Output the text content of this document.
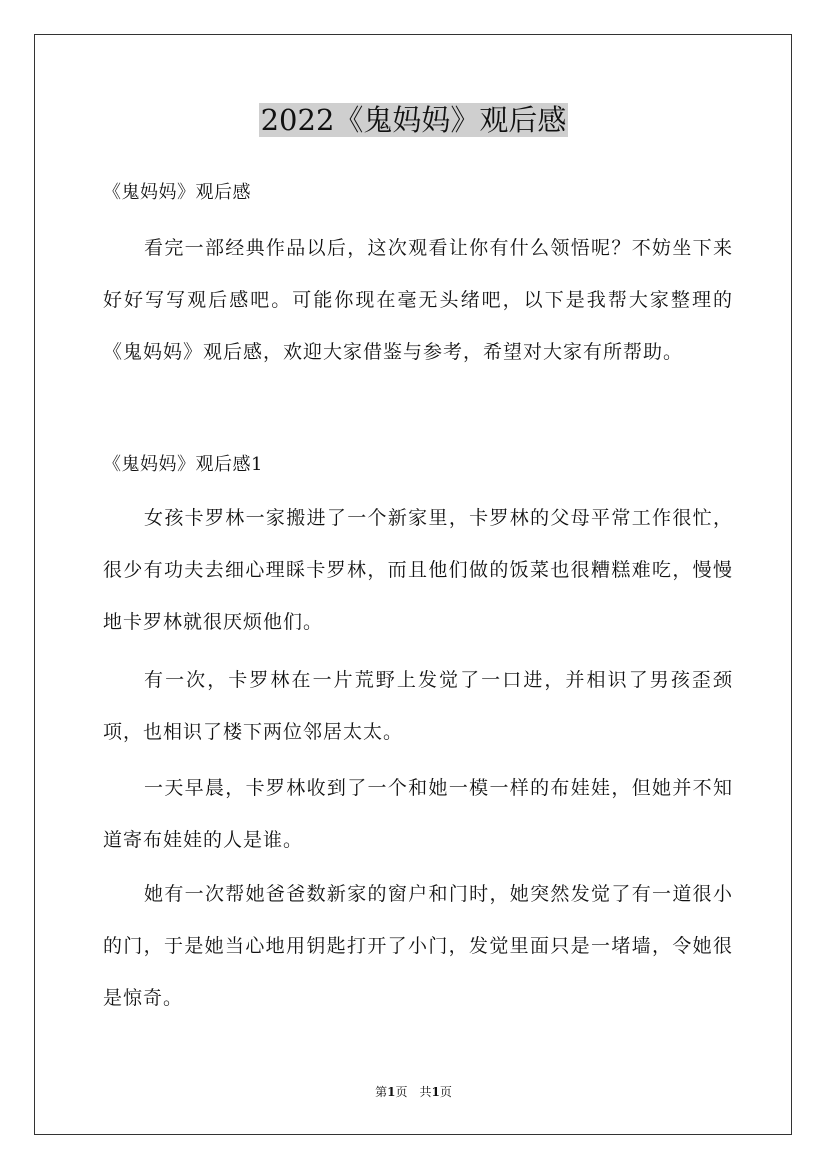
2022《鬼妈妈》观后感
《鬼妈妈》观后感
看完一部经典作品以后，这次观看让你有什么领悟呢？不妨坐下来好好写写观后感吧。可能你现在毫无头绪吧，以下是我帮大家整理的《鬼妈妈》观后感，欢迎大家借鉴与参考，希望对大家有所帮助。
《鬼妈妈》观后感1
女孩卡罗林一家搬进了一个新家里，卡罗林的父母平常工作很忙，很少有功夫去细心理睬卡罗林，而且他们做的饭菜也很糟糕难吃，慢慢地卡罗林就很厌烦他们。
有一次，卡罗林在一片荒野上发觉了一口进，并相识了男孩歪颈项，也相识了楼下两位邻居太太。
一天早晨，卡罗林收到了一个和她一模一样的布娃娃，但她并不知道寄布娃娃的人是谁。
她有一次帮她爸爸数新家的窗户和门时，她突然发觉了有一道很小的门，于是她当心地用钥匙打开了小门，发觉里面只是一堵墙，令她很是惊奇。
第1页　共1页
